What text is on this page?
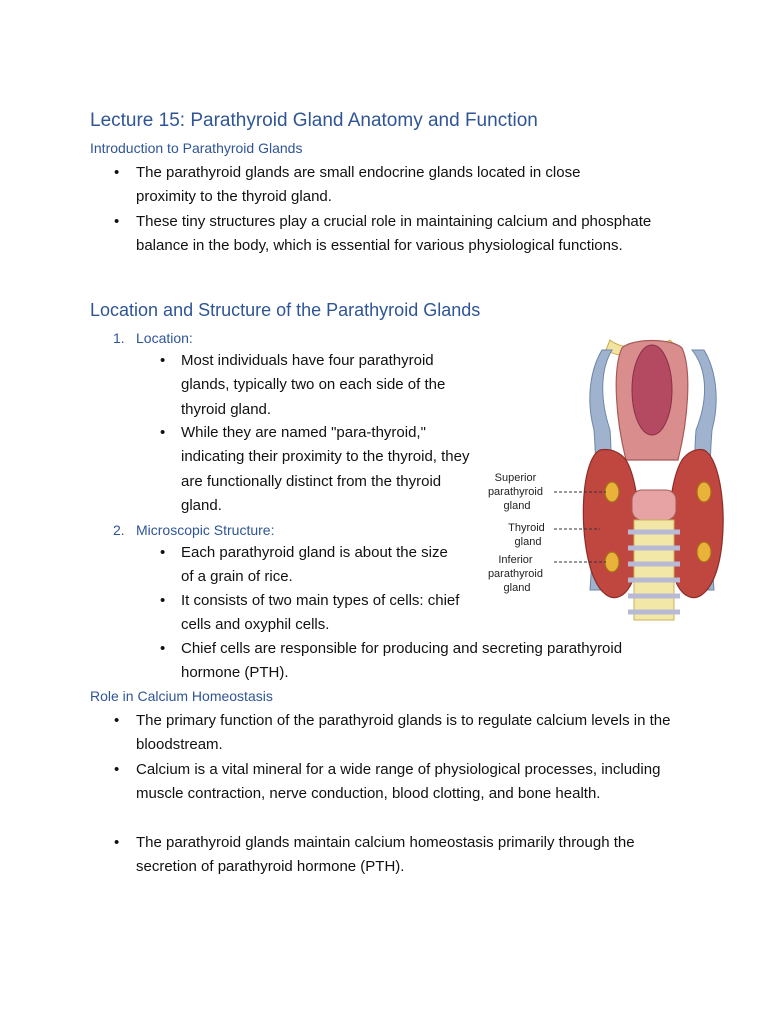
Lecture 15: Parathyroid Gland Anatomy and Function
Introduction to Parathyroid Glands
• The parathyroid glands are small endocrine glands located in close proximity to the thyroid gland.

• These tiny structures play a crucial role in maintaining calcium and phosphate balance in the body, which is essential for various physiological functions.

Location and Structure of the Parathyroid Glands
1. Location:
• Most individuals have four parathyroid glands, typically two on each side of the thyroid gland.

• While they are named "para-thyroid," indicating their proximity to the thyroid, they are functionally distinct from the thyroid gland.

2. Microscopic Structure:
• Each parathyroid gland is about the size of a grain of rice.

• It consists of two main types of cells: chief cells and oxyphil cells.

• Chief cells are responsible for producing and secreting parathyroid hormone (PTH).

Role in Calcium Homeostasis
• The primary function of the parathyroid glands is to regulate calcium levels in the bloodstream.

• Calcium is a vital mineral for a wide range of physiological processes, including muscle contraction, nerve conduction, blood clotting, and bone health.

• The parathyroid glands maintain calcium homeostasis primarily through the secretion of parathyroid hormone (PTH).

Superior parathyroid gland
Thyroid gland
Inferior parathyroid gland
